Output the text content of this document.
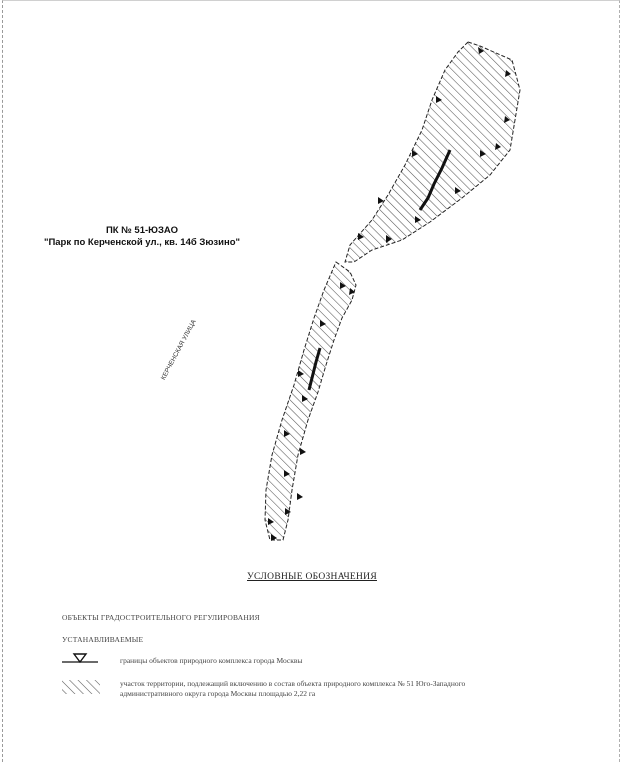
ПК № 51-ЮЗАО
"Парк по Керченской ул., кв. 14б Зюзино"
КЕРЧЕНСКАЯ УЛИЦА
УСЛОВНЫЕ ОБОЗНАЧЕНИЯ
ОБЪЕКТЫ ГРАДОСТРОИТЕЛЬНОГО РЕГУЛИРОВАНИЯ
УСТАНАВЛИВАЕМЫЕ
границы объектов природного комплекса города Москвы
участок территории, подлежащий включению в состав объекта природного комплекса № 51 Юго-Западного
административного округа города Москвы площадью 2,22 га
